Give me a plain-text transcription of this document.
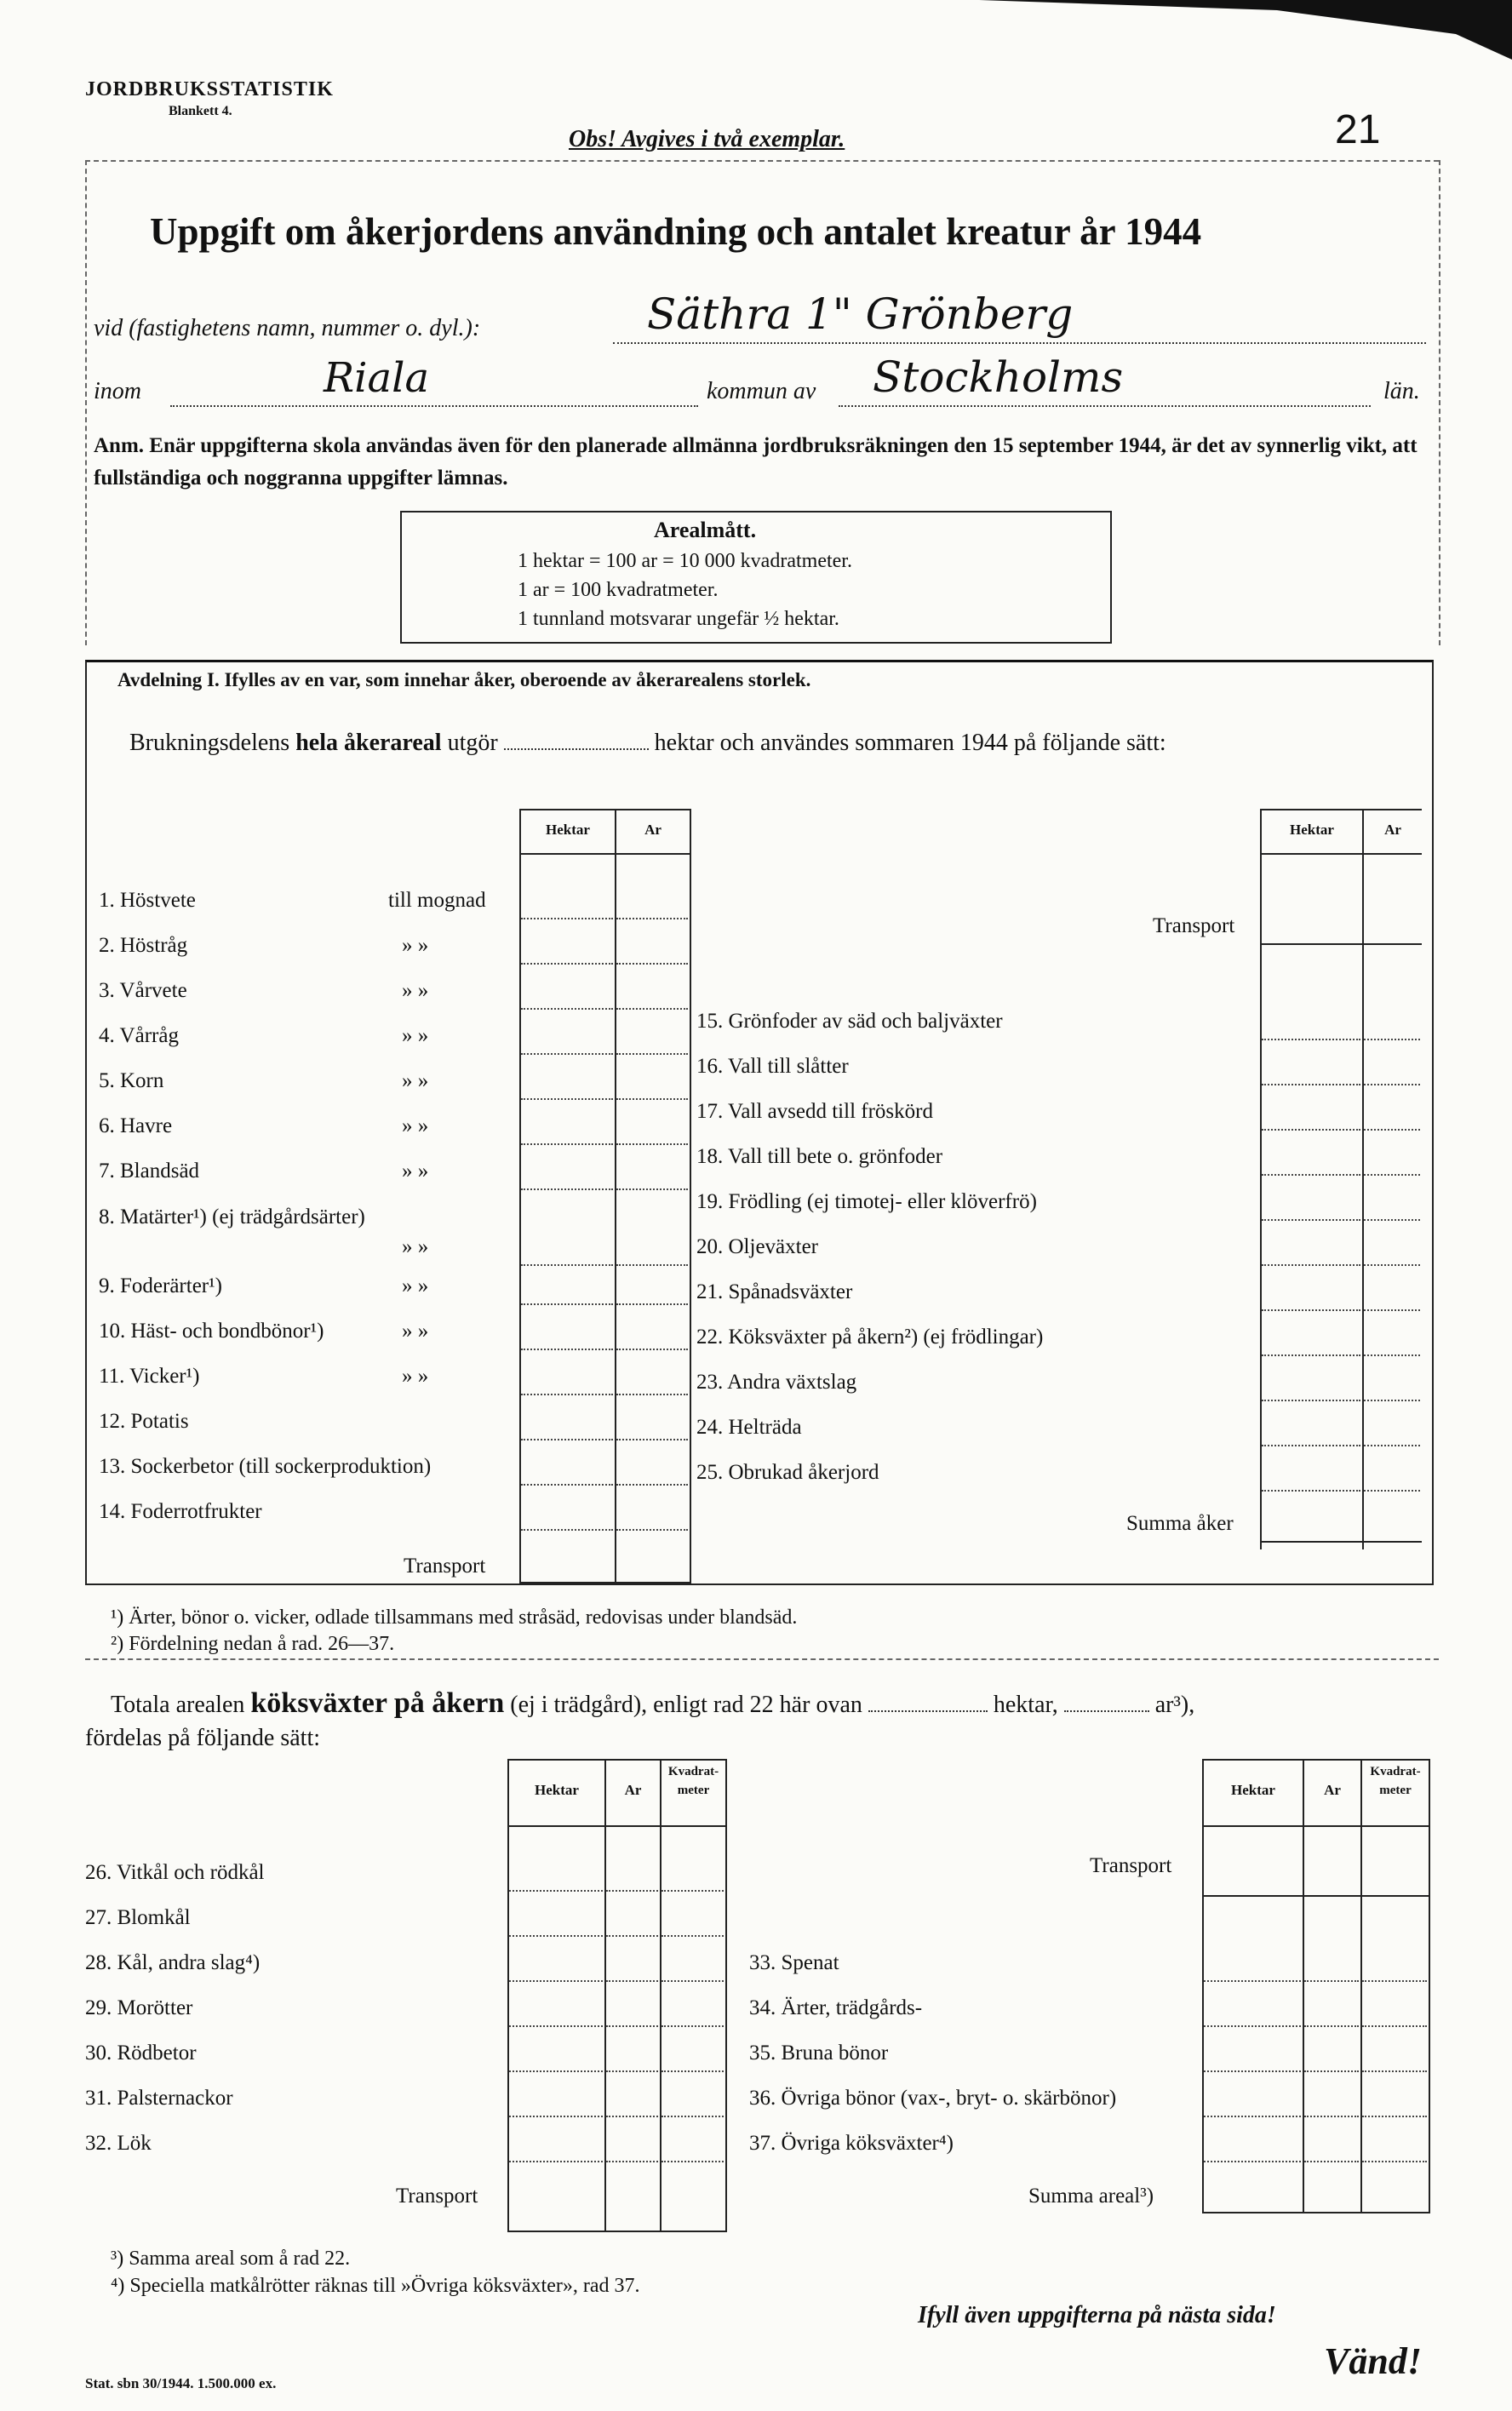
JORDBRUKSSTATISTIK
Blankett 4.
Obs! Avgives i två exemplar.	21
Uppgift om åkerjordens användning och antalet kreatur år 1944
vid (fastighetens namn, nummer o. dyl.):	Säthra 1" Grönberg
inom	Riala	kommun av Stockholms	län.
Anm. Enär uppgifterna skola användas även för den planerade allmänna jordbruksräkningen den 15 september 1944, är det av synnerlig vikt, att fullständiga och noggranna uppgifter lämnas.
Arealmått.
1 hektar = 100 ar = 10 000 kvadratmeter.
1 ar = 100 kvadratmeter.
1 tunnland motsvarar ungefär ½ hektar.
Avdelning I. Ifylles av en var, som innehar åker, oberoende av åkerarealens storlek.
Brukningsdelens hela åkerareal utgör	hektar och användes sommaren 1944 på följande sätt:
Hektar	Ar
1. Höstvete	till mognad
2. Höstråg	» »
3. Vårvete	» »
4. Vårråg	» »
5. Korn	» »
6. Havre	» »
7. Blandsäd	» »
8. Matärter¹) (ej trädgårdsärter)
» »
9. Foderärter¹)	» »
10. Häst- och bondbönor¹)	» »
11. Vicker¹)	» »
12. Potatis
13. Sockerbetor (till sockerproduktion)
14. Foderrotfrukter
Transport
Hektar	Ar
Transport
15. Grönfoder av säd och baljväxter
16. Vall till slåtter
17. Vall avsedd till fröskörd
18. Vall till bete o. grönfoder
19. Frödling (ej timotej- eller klöverfrö)
20. Oljeväxter
21. Spånadsväxter
22. Köksväxter på åkern²) (ej frödlingar)
23. Andra växtslag
24. Helträda
25. Obrukad åkerjord
Summa åker
¹) Ärter, bönor o. vicker, odlade tillsammans med stråsäd, redovisas under blandsäd.
²) Fördelning nedan å rad. 26—37.
Totala arealen köksväxter på åkern (ej i trädgård), enligt rad 22 här ovan	hektar,	ar³),
fördelas på följande sätt:
Hektar	Ar
Kvadrat-meter
26. Vitkål och rödkål
27. Blomkål
28. Kål, andra slag⁴)
29. Morötter
30. Rödbetor
31. Palsternackor
32. Lök
Transport
Hektar	Ar
Kvadrat-meter
Transport
33. Spenat
34. Ärter, trädgårds-
35. Bruna bönor
36. Övriga bönor (vax-, bryt- o. skärbönor)
37. Övriga köksväxter⁴)
Summa areal³)
³) Samma areal som å rad 22.
⁴) Speciella matkålrötter räknas till »Övriga köksväxter», rad 37.
Ifyll även uppgifterna på nästa sida!
Vänd!
Stat. sbn 30/1944. 1.500.000 ex.
